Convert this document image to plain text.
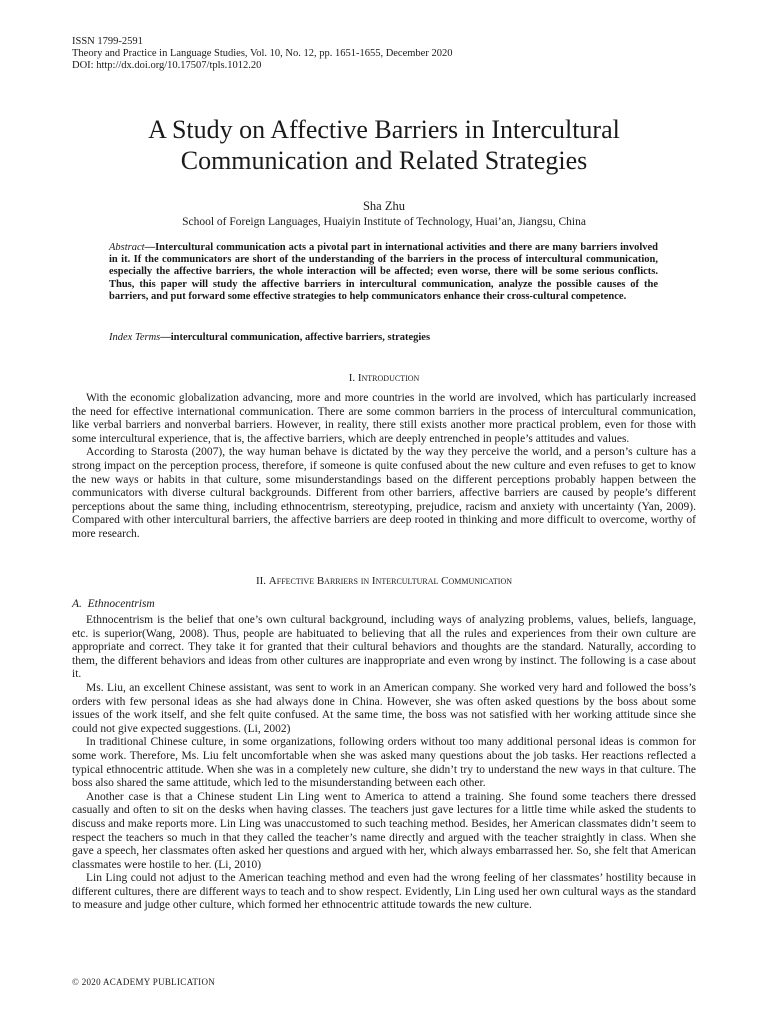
ISSN 1799-2591
Theory and Practice in Language Studies, Vol. 10, No. 12, pp. 1651-1655, December 2020
DOI: http://dx.doi.org/10.17507/tpls.1012.20
A Study on Affective Barriers in Intercultural
Communication and Related Strategies
Sha Zhu
School of Foreign Languages, Huaiyin Institute of Technology, Huai’an, Jiangsu, China

Abstract—Intercultural communication acts a pivotal part in international activities and there are many barriers involved in it. If the communicators are short of the understanding of the barriers in the process of intercultural communication, especially the affective barriers, the whole interaction will be affected; even worse, there will be some serious conflicts. Thus, this paper will study the affective barriers in intercultural communication, analyze the possible causes of the barriers, and put forward some effective strategies to help communicators enhance their cross-cultural competence.

Index Terms—intercultural communication, affective barriers, strategies

I. Introduction

With the economic globalization advancing, more and more countries in the world are involved, which has particularly increased the need for effective international communication. There are some common barriers in the process of intercultural communication, like verbal barriers and nonverbal barriers. However, in reality, there still exists another more practical problem, even for those with some intercultural experience, that is, the affective barriers, which are deeply entrenched in people’s attitudes and values.

According to Starosta (2007), the way human behave is dictated by the way they perceive the world, and a person’s culture has a strong impact on the perception process, therefore, if someone is quite confused about the new culture and even refuses to get to know the new ways or habits in that culture, some misunderstandings based on the different perceptions probably happen between the communicators with diverse cultural backgrounds. Different from other barriers, affective barriers are caused by people’s different perceptions about the same thing, including ethnocentrism, stereotyping, prejudice, racism and anxiety with uncertainty (Yan, 2009). Compared with other intercultural barriers, the affective barriers are deep rooted in thinking and more difficult to overcome, worthy of more research.

II. Affective Barriers in Intercultural Communication
A. Ethnocentrism

Ethnocentrism is the belief that one’s own cultural background, including ways of analyzing problems, values, beliefs, language, etc. is superior(Wang, 2008). Thus, people are habituated to believing that all the rules and experiences from their own culture are appropriate and correct. They take it for granted that their cultural behaviors and thoughts are the standard. Naturally, according to them, the different behaviors and ideas from other cultures are inappropriate and even wrong by instinct. The following is a case about it.

Ms. Liu, an excellent Chinese assistant, was sent to work in an American company. She worked very hard and followed the boss’s orders with few personal ideas as she had always done in China. However, she was often asked questions by the boss about some issues of the work itself, and she felt quite confused. At the same time, the boss was not satisfied with her working attitude since she could not give expected suggestions. (Li, 2002)

In traditional Chinese culture, in some organizations, following orders without too many additional personal ideas is common for some work. Therefore, Ms. Liu felt uncomfortable when she was asked many questions about the job tasks. Her reactions reflected a typical ethnocentric attitude. When she was in a completely new culture, she didn’t try to understand the new ways in that culture. The boss also shared the same attitude, which led to the misunderstanding between each other.

Another case is that a Chinese student Lin Ling went to America to attend a training. She found some teachers there dressed casually and often to sit on the desks when having classes. The teachers just gave lectures for a little time while asked the students to discuss and make reports more. Lin Ling was unaccustomed to such teaching method. Besides, her American classmates didn’t seem to respect the teachers so much in that they called the teacher’s name directly and argued with the teacher straightly in class. When she gave a speech, her classmates often asked her questions and argued with her, which always embarrassed her. So, she felt that American classmates were hostile to her. (Li, 2010)

Lin Ling could not adjust to the American teaching method and even had the wrong feeling of her classmates’ hostility because in different cultures, there are different ways to teach and to show respect. Evidently, Lin Ling used her own cultural ways as the standard to measure and judge other culture, which formed her ethnocentric attitude towards the new culture.

© 2020 ACADEMY PUBLICATION
